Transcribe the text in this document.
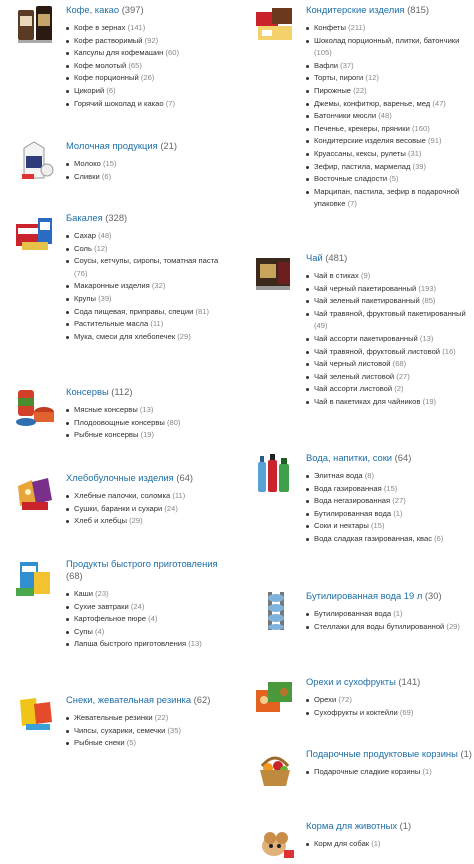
Кофе, какао (397)
Кофе в зернах (141)
Кофе растворимый (92)
Капсулы для кофемашин (60)
Кофе молотый (65)
Кофе порционный (26)
Цикорий (6)
Горячий шоколад и какао (7)
Молочная продукция (21)
Молоко (15)
Сливки (6)
Бакалея (328)
Сахар (48)
Соль (12)
Соусы, кетчупы, сиропы, томатная паста (76)
Макаронные изделия (32)
Крупы (39)
Сода пищевая, приправы, специи (81)
Растительные масла (11)
Мука, смеси для хлебопечек (29)
Консервы (112)
Мясные консервы (13)
Плодоовощные консервы (80)
Рыбные консервы (19)
Хлебобулочные изделия (64)
Хлебные палочки, соломка (11)
Сушки, баранки и сухари (24)
Хлеб и хлебцы (29)
Продукты быстрого приготовления (68)
Каши (23)
Сухие завтраки (24)
Картофельное пюре (4)
Супы (4)
Лапша быстрого приготовления (13)
Снеки, жевательная резинка (62)
Жевательные резинки (22)
Чипсы, сухарики, семечки (35)
Рыбные снеки (5)
Кондитерские изделия (815)
Конфеты (211)
Шоколад порционный, плитки, батончики (105)
Вафли (37)
Торты, пироги (12)
Пирожные (22)
Джемы, конфитюр, варенье, мед (47)
Батончики мюсли (48)
Печенье, крекеры, пряники (160)
Кондитерские изделия весовые (91)
Круассаны, кексы, рулеты (31)
Зефир, пастила, мармелад (39)
Восточные сладости (5)
Марципан, пастила, зефир в подарочной упаковке (7)
Чай (481)
Чай в стиках (9)
Чай черный пакетированный (193)
Чай зеленый пакетированный (85)
Чай травяной, фруктовый пакетированный (49)
Чай ассорти пакетированный (13)
Чай травяной, фруктовый листовой (16)
Чай черный листовой (68)
Чай зеленый листовой (27)
Чай ассорти листовой (2)
Чай в пакетиках для чайников (19)
Вода, напитки, соки (64)
Элитная вода (8)
Вода газированная (15)
Вода негазированная (27)
Бутилированная вода (1)
Соки и нектары (15)
Вода сладкая газированная, квас (6)
Бутилированная вода 19 л (30)
Бутилированная вода (1)
Стеллажи для воды бутилированной (29)
Орехи и сухофрукты (141)
Орехи (72)
Сухофрукты и коктейли (69)
Подарочные продуктовые корзины (1)
Подарочные сладкие корзины (1)
Корма для животных (1)
Корм для собак (1)
